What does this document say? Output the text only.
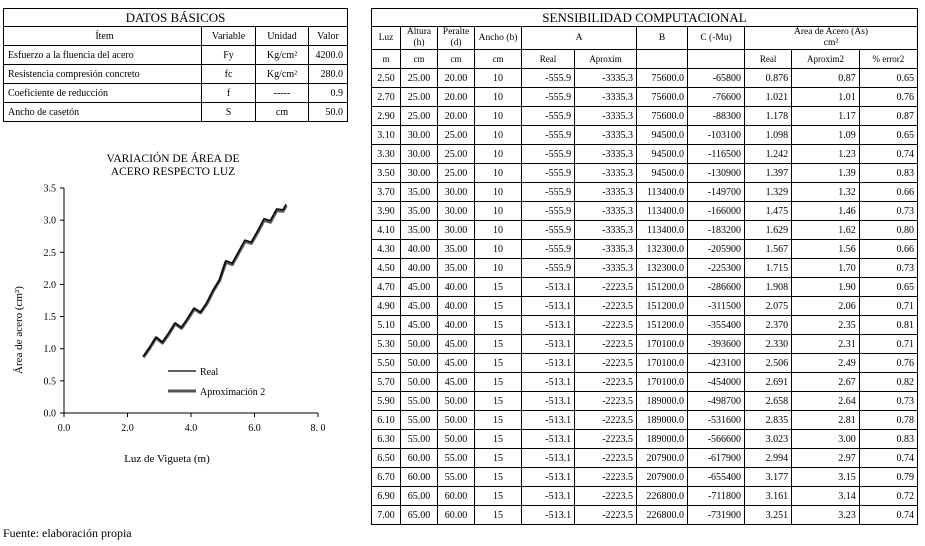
DATOS BÁSICOS			
Ítem	Variable	Unidad	Valor
Esfuerzo a la fluencia del acero	Fy	Kg/cm²	4200.0
Resistencia compresión concreto	fc	Kg/cm²	280.0
Coeficiente de reducción	f	-----	0.9
Ancho de casetón	S	cm	50.0
VARIACIÓN DE ÁREA DE
ACERO RESPECTO LUZ
0.0
0.5
1.0
1.5
2.0
2.5
3.0
3.5
0.0	2.0	4.0	6.0	8. 0
Luz de Vigueta (m)
Área de acero (cm²)	Real
Aproximación 2
SENSIBILIDAD COMPUTACIONAL										
Luz	Altura (h)	Peralte (d)	Ancho (b)	A		B	C (-Mu)	Área de Acero (As)
cm²		

m	cm	cm	cm	Real	Aproxim			Real	Aproxim2	% error2
2.50	25.00	20.00	10	-555.9	-3335.3	75600.0	-65800	0.876	0.87	0.65
2.70	25.00	20.00	10	-555.9	-3335.3	75600.0	-76600	1.021	1.01	0.76
2.90	25.00	20.00	10	-555.9	-3335.3	75600.0	-88300	1.178	1.17	0.87
3.10	30.00	25.00	10	-555.9	-3335.3	94500.0	-103100	1.098	1.09	0.65
3.30	30.00	25.00	10	-555.9	-3335.3	94500.0	-116500	1.242	1.23	0.74
3.50	30.00	25.00	10	-555.9	-3335.3	94500.0	-130900	1.397	1.39	0.83
3.70	35.00	30.00	10	-555.9	-3335.3	113400.0	-149700	1.329	1.32	0.66
3.90	35.00	30.00	10	-555.9	-3335.3	113400.0	-166000	1.475	1.46	0.73
4.10	35.00	30.00	10	-555.9	-3335.3	113400.0	-183200	1.629	1.62	0.80
4.30	40.00	35.00	10	-555.9	-3335.3	132300.0	-205900	1.567	1.56	0.66
4.50	40.00	35.00	10	-555.9	-3335.3	132300.0	-225300	1.715	1.70	0.73
4.70	45.00	40.00	15	-513.1	-2223.5	151200.0	-286600	1.908	1.90	0.65
4.90	45.00	40.00	15	-513.1	-2223.5	151200.0	-311500	2.075	2.06	0.71
5.10	45.00	40.00	15	-513.1	-2223.5	151200.0	-355400	2.370	2.35	0.81
5.30	50.00	45.00	15	-513.1	-2223.5	170100.0	-393600	2.330	2.31	0.71
5.50	50.00	45.00	15	-513.1	-2223.5	170100.0	-423100	2.506	2.49	0.76
5.70	50.00	45.00	15	-513.1	-2223.5	170100.0	-454000	2.691	2.67	0.82
5.90	55.00	50.00	15	-513.1	-2223.5	189000.0	-498700	2.658	2.64	0.73
6.10	55.00	50.00	15	-513.1	-2223.5	189000.0	-531600	2.835	2.81	0.78
6.30	55.00	50.00	15	-513.1	-2223.5	189000.0	-566600	3.023	3.00	0.83
6.50	60.00	55.00	15	-513.1	-2223.5	207900.0	-617900	2.994	2.97	0.74
6.70	60.00	55.00	15	-513.1	-2223.5	207900.0	-655400	3.177	3.15	0.79
6.90	65.00	60.00	15	-513.1	-2223.5	226800.0	-711800	3.161	3.14	0.72
7.00	65.00	60.00	15	-513.1	-2223.5	226800.0	-731900	3.251	3.23	0.74
Fuente: elaboración propia
